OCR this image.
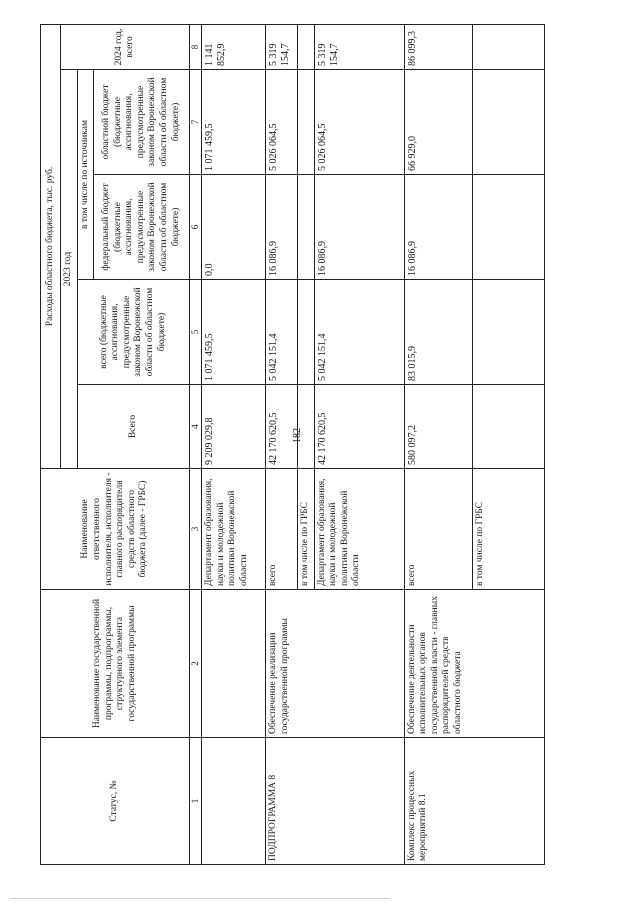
182
Статус, №	Наименование государственной программы, подпрограммы, структурного элемента государственной программы	Наименование ответственного исполнителя, исполнителя - главного распорядителя средств областного бюджета (далее - ГРБС)	Расходы областного бюджета, тыс. руб.				
			2023 год				2024 год, всего
			Всего	всего (бюджетные ассигнования, предусмотренные законом Воронежской области об областном бюджете)	в том числе по источникам		
					федеральный бюджет (бюджетные ассигнования, предусмотренные законом Воронежской области об областном бюджете)	областной бюджет (бюджетные ассигнования, предусмотренные законом Воронежской области об областном бюджете)	
1	2	3	4	5	6	7	8
		Департамент образования, науки и молодежной политики Воронежской области	9 209 029,8	1 071 459,5	0,0	1 071 459,5	1 141 852,9
ПОДПРОГРАММА 8	Обеспечение реализации государственной программы	всего	42 170 620,5	5 042 151,4	16 086,9	5 026 064,5	5 319 154,7
		в том числе по ГРБС					
		Департамент образования, науки и молодежной политики Воронежской области	42 170 620,5	5 042 151,4	16 086,9	5 026 064,5	5 319 154,7
Комплекс процессных мероприятий 8.1	Обеспечение деятельности исполнительных органов государственной власти - главных распорядителей средств областного бюджета	всего	580 097,2	83 015,9	16 086,9	66 929,0	86 099,3
		в том числе по ГРБС					
